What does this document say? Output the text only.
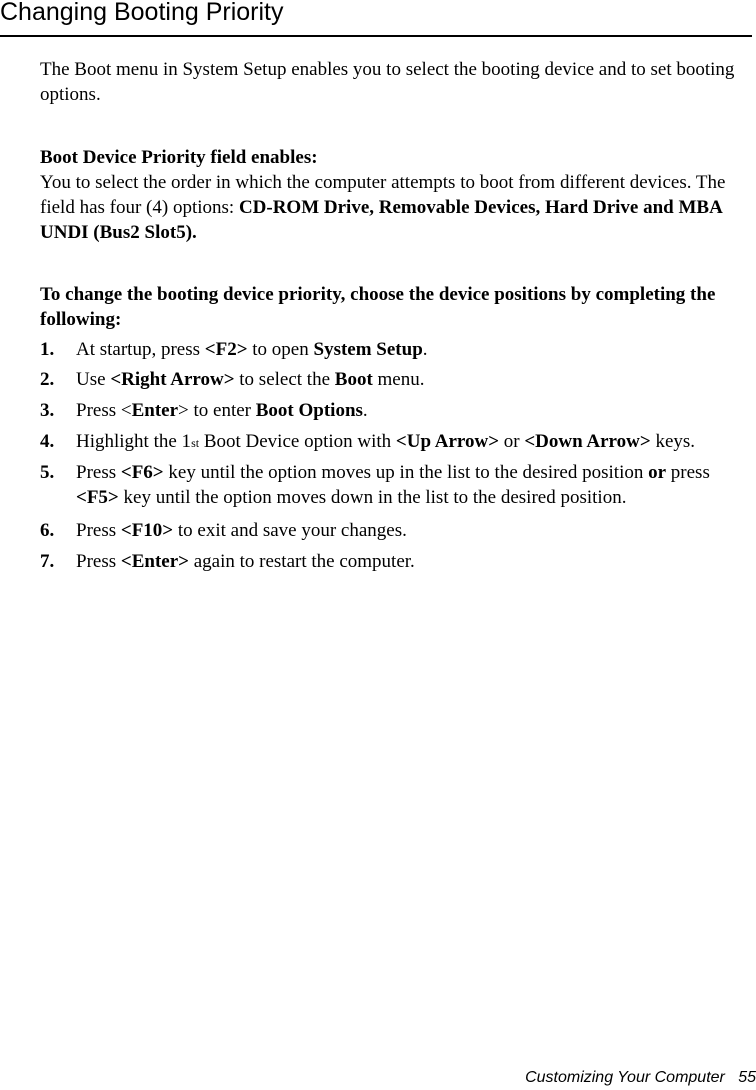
Changing Booting Priority
The Boot menu in System Setup enables you to select the booting device and to set booting options.
Boot Device Priority field enables:
You to select the order in which the computer attempts to boot from different devices. The field has four (4) options: CD-ROM Drive, Removable Devices, Hard Drive and MBA UNDI (Bus2 Slot5).
To change the booting device priority, choose the device positions by completing the following:
1. At startup, press <F2> to open System Setup.
2. Use <Right Arrow> to select the Boot menu.
3. Press <Enter> to enter Boot Options.
4. Highlight the 1st Boot Device option with <Up Arrow> or <Down Arrow> keys.
5. Press <F6> key until the option moves up in the list to the desired position or press <F5> key until the option moves down in the list to the desired position.
6. Press <F10> to exit and save your changes.
7. Press <Enter> again to restart the computer.
Customizing Your Computer 55
